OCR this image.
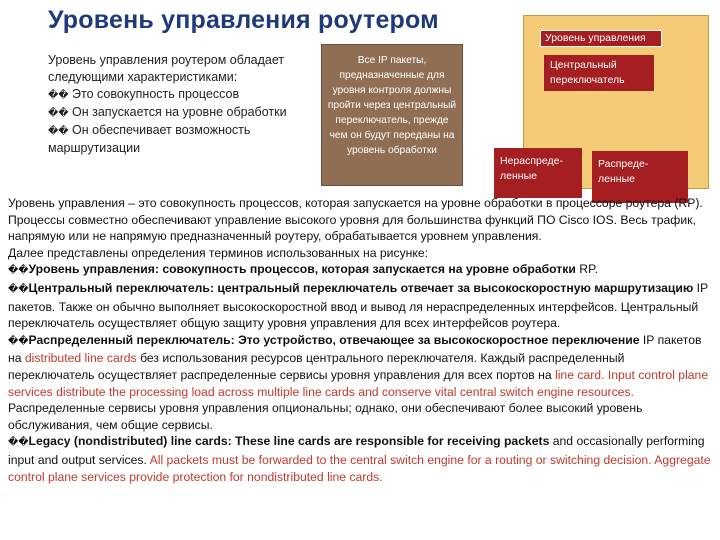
Уровень управления роутером
Уровень управления роутером обладает
следующими характеристиками:
�� Это совокупность процессов
�� Он запускается на уровне обработки
�� Он обеспечивает возможность
маршрутизации
Все IP пакеты, предназначенные для уровня контроля должны пройти через центральный переключатель, прежде чем он будут переданы на уровень обработки
Уровень управления
Центральный переключатель
Нераспреде-ленные
Распреде-ленные

Уровень управления – это совокупность процессов, которая запускается на уровне обработки в процессоре роутера (RP). Процессы совместно обеспечивают управление высокого уровня для большинства функций ПО Cisco IOS. Весь трафик, напрямую или не напрямую предназначенный роутеру, обрабатывается уровнем управления.

Далее представлены определения терминов использованных на рисунке:

��Уровень управления: совокупность процессов, которая запускается на уровне обработки RP.

��Центральный переключатель: центральный переключатель отвечает за высокоскоростную маршрутизацию IP пакетов. Также он обычно выполняет высокоскоростной ввод и вывод ля нераспределенных интерфейсов. Центральный переключатель осуществляет общую защиту уровня управления для всех интерфейсов роутера.

��Распределенный переключатель: Это устройство, отвечающее за высокоскоростное переключение IP пакетов на distributed line cards без использования ресурсов центрального переключателя. Каждый распределенный переключатель осуществляет распределенные сервисы уровня управления для всех портов на line card. Input control plane services distribute the processing load across multiple line cards and conserve vital central switch engine resources. Распределенные сервисы уровня управления опциональны; однако, они обеспечивают более высокий уровень обслуживания, чем общие сервисы.

��Legacy (nondistributed) line cards: These line cards are responsible for receiving packets and occasionally performing input and output services. All packets must be forwarded to the central switch engine for a routing or switching decision. Aggregate control plane services provide protection for nondistributed line cards.
